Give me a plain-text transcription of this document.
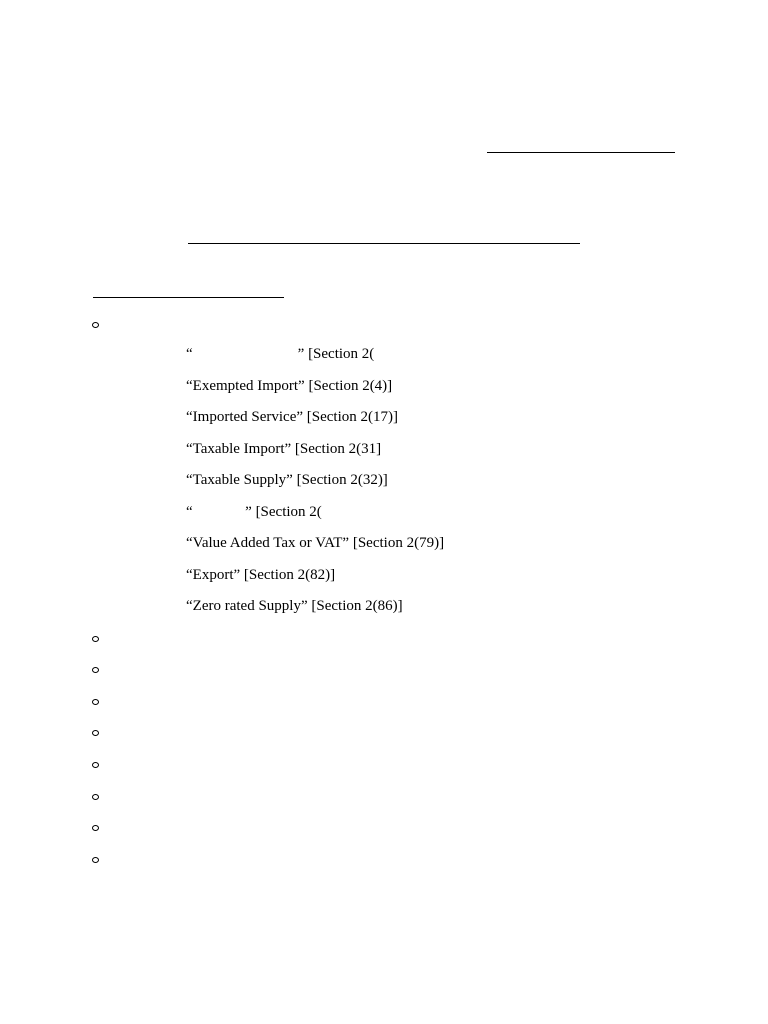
“                            ” [Section 2(
“Exempted Import” [Section 2(4)]
“Imported Service” [Section 2(17)]
“Taxable Import” [Section 2(31]
“Taxable Supply” [Section 2(32)]
“              ” [Section 2(
“Value Added Tax or VAT” [Section 2(79)]
“Export” [Section 2(82)]
“Zero rated Supply” [Section 2(86)]
